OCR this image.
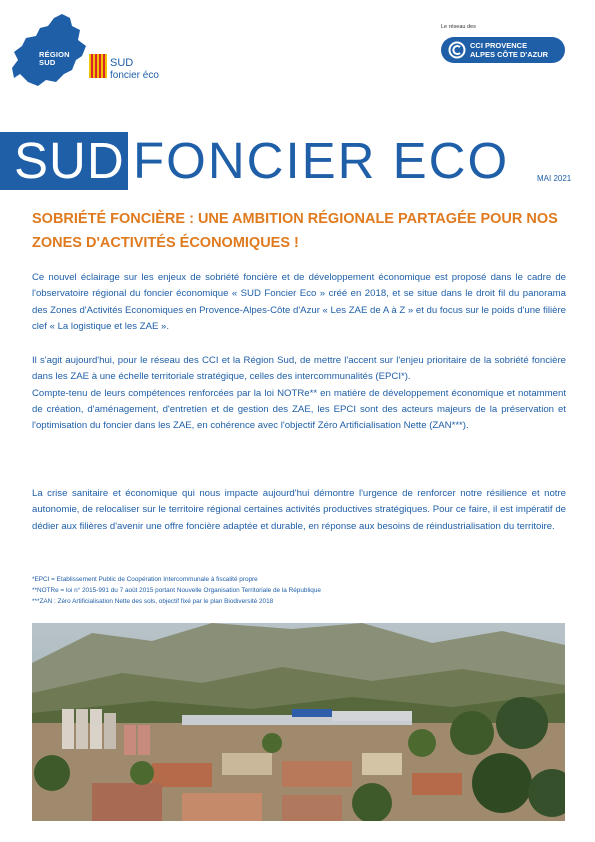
RÉGION
SUD	SUD
foncier éco
Le réseau des
CCI PROVENCE
ALPES CÔTE D'AZUR
SUD FONCIER ECO	MAI 2021
SOBRIÉTÉ FONCIÈRE : UNE AMBITION RÉGIONALE PARTAGÉE POUR NOS ZONES D'ACTIVITÉS ÉCONOMIQUES !

Ce nouvel éclairage sur les enjeux de sobriété foncière et de développement économique est proposé dans le cadre de l'observatoire régional du foncier économique « SUD Foncier Eco » créé en 2018, et se situe dans le droit fil du panorama des Zones d'Activités Economiques en Provence-Alpes-Côte d'Azur « Les ZAE de A à Z » et du focus sur le poids d'une filière clef « La logistique et les ZAE ».

Il s'agit aujourd'hui, pour le réseau des CCI et la Région Sud, de mettre l'accent sur l'enjeu prioritaire de la sobriété foncière dans les ZAE à une échelle territoriale stratégique, celles des intercommunalités (EPCI*).

Compte-tenu de leurs compétences renforcées par la loi NOTRe** en matière de développement économique et notamment de création, d'aménagement, d'entretien et de gestion des ZAE, les EPCI sont des acteurs majeurs de la préservation et l'optimisation du foncier dans les ZAE, en cohérence avec l'objectif Zéro Artificialisation Nette (ZAN***).

La crise sanitaire et économique qui nous impacte aujourd'hui démontre l'urgence de renforcer notre résilience et notre autonomie, de relocaliser sur le territoire régional certaines activités productives stratégiques. Pour ce faire, il est impératif de dédier aux filières d'avenir une offre foncière adaptée et durable, en réponse aux besoins de réindustrialisation du territoire.

*EPCI = Etablissement Public de Coopération Intercommunale à fiscalité propre
**NOTRe = loi n° 2015-991 du 7 août 2015 portant Nouvelle Organisation Territoriale de la République
***ZAN : Zéro Artificialisation Nette des sols, objectif fixé par le plan Biodiversité 2018
